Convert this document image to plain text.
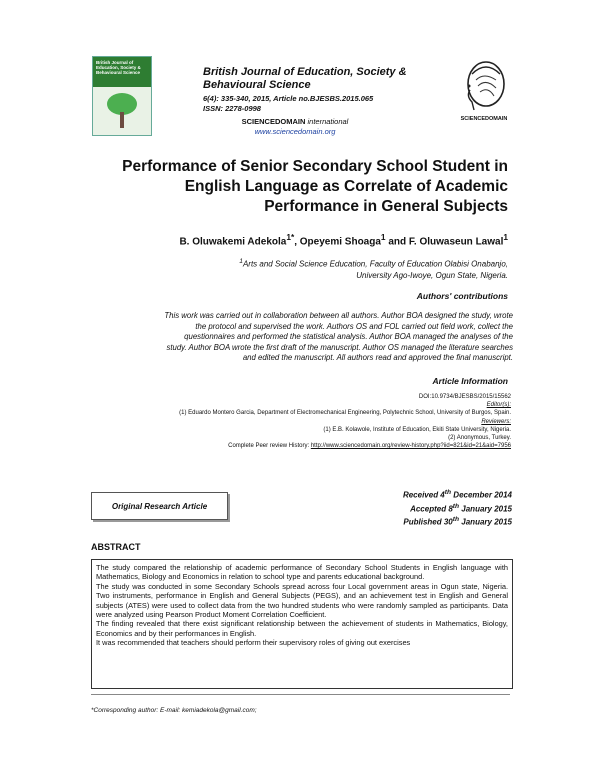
British Journal of Education, Society & Behavioural Science	British Journal of Education, Society &
Behavioural Science
6(4): 335-340, 2015, Article no.BJESBS.2015.065
ISSN: 2278-0998
SCIENCEDOMAIN international
www.sciencedomain.org
SCIENCEDOMAIN
Performance of Senior Secondary School Student in
English Language as Correlate of Academic
Performance in General Subjects
B. Oluwakemi Adekola$^{1*}$, Opeyemi Shoaga$^1$ and F. Oluwaseun Lawal$^1$
$^1$Arts and Social Science Education, Faculty of Education Olabisi Onabanjo,
University Ago-Iwoye, Ogun State, Nigeria.
Authors' contributions
This work was carried out in collaboration between all authors. Author BOA designed the study, wrote
the protocol and supervised the work. Authors OS and FOL carried out field work, collect the
questionnaires and performed the statistical analysis. Author BOA managed the analyses of the
study. Author BOA wrote the first draft of the manuscript. Author OS managed the literature searches
and edited the manuscript. All authors read and approved the final manuscript.
Article Information
DOI:10.9734/BJESBS/2015/15562
Editor(s):
(1) Eduardo Montero Garcia, Department of Electromechanical Engineering, Polytechnic School, University of Burgos, Spain.
Reviewers:
(1) E.B. Kolawole, Institute of Education, Ekiti State University, Nigeria.
(2) Anonymous, Turkey.
Complete Peer review History: http://www.sciencedomain.org/review-history.php?iid=821&id=21&aid=7956
Original Research Article
Received 4th December 2014
Accepted 8th January 2015
Published 30th January 2015
ABSTRACT

The study compared the relationship of academic performance of Secondary School Students in English language with Mathematics, Biology and Economics in relation to school type and parents educational background.

The study was conducted in some Secondary Schools spread across four Local government areas in Ogun state, Nigeria. Two instruments, performance in English and General Subjects (PEGS), and an achievement test in English and General subjects (ATES) were used to collect data from the two hundred students who were randomly sampled as participants. Data were analyzed using Pearson Product Moment Correlation Coefficient.

The finding revealed that there exist significant relationship between the achievement of students in Mathematics, Biology, Economics and by their performances in English.

It was recommended that teachers should perform their supervisory roles of giving out exercises

*Corresponding author: E-mail: kemiadekola@gmail.com;
